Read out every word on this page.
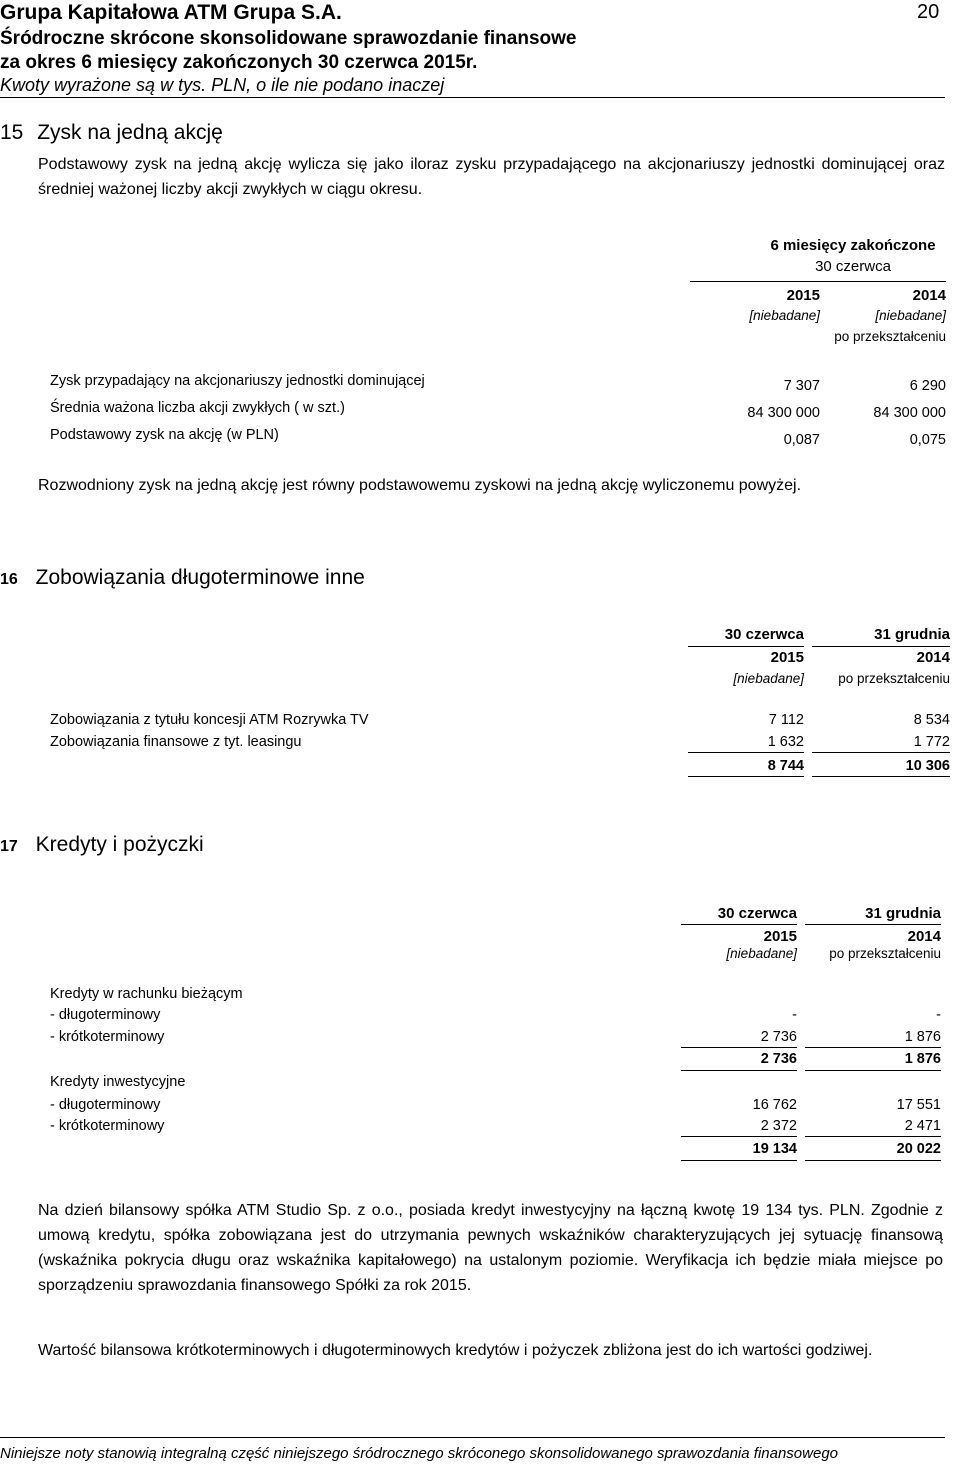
Grupa Kapitałowa ATM Grupa S.A.	20
Śródroczne skrócone skonsolidowane sprawozdanie finansowe
za okres 6 miesięcy zakończonych 30 czerwca 2015r.
Kwoty wyrażone są w tys. PLN, o ile nie podano inaczej
15 Zysk na jedną akcję
Podstawowy zysk na jedną akcję wylicza się jako iloraz zysku przypadającego na akcjonariuszy jednostki dominującej oraz średniej ważonej liczby akcji zwykłych w ciągu okresu.
6 miesięcy zakończone
30 czerwca
2015	2014
[niebadane]	[niebadane]
po przekształceniu
Zysk przypadający na akcjonariuszy jednostki dominującej	7 307	6 290
Średnia ważona liczba akcji zwykłych ( w szt.)	84 300 000	84 300 000
Podstawowy zysk na akcję (w PLN)	0,087	0,075
Rozwodniony zysk na jedną akcję jest równy podstawowemu zyskowi na jedną akcję wyliczonemu powyżej.
16 Zobowiązania długoterminowe inne
30 czerwca	31 grudnia
2015	2014
[niebadane]	po przekształceniu
Zobowiązania z tytułu koncesji ATM Rozrywka TV	7 112	8 534
Zobowiązania finansowe z tyt. leasingu	1 632	1 772
8 744	10 306
17 Kredyty i pożyczki
30 czerwca	31 grudnia
2015	2014
[niebadane]	po przekształceniu
Kredyty w rachunku bieżącym
- długoterminowy	-	-
- krótkoterminowy	2 736	1 876
2 736	1 876
Kredyty inwestycyjne
- długoterminowy	16 762	17 551
- krótkoterminowy	2 372	2 471
19 134	20 022
Na dzień bilansowy spółka ATM Studio Sp. z o.o., posiada kredyt inwestycyjny na łączną kwotę 19 134 tys. PLN. Zgodnie z umową kredytu, spółka zobowiązana jest do utrzymania pewnych wskaźników charakteryzujących jej sytuację finansową (wskaźnika pokrycia długu oraz wskaźnika kapitałowego) na ustalonym poziomie. Weryfikacja ich będzie miała miejsce po sporządzeniu sprawozdania finansowego Spółki za rok 2015.
Wartość bilansowa krótkoterminowych i długoterminowych kredytów i pożyczek zbliżona jest do ich wartości godziwej.
Niniejsze noty stanowią integralną część niniejszego śródrocznego skróconego skonsolidowanego sprawozdania finansowego
